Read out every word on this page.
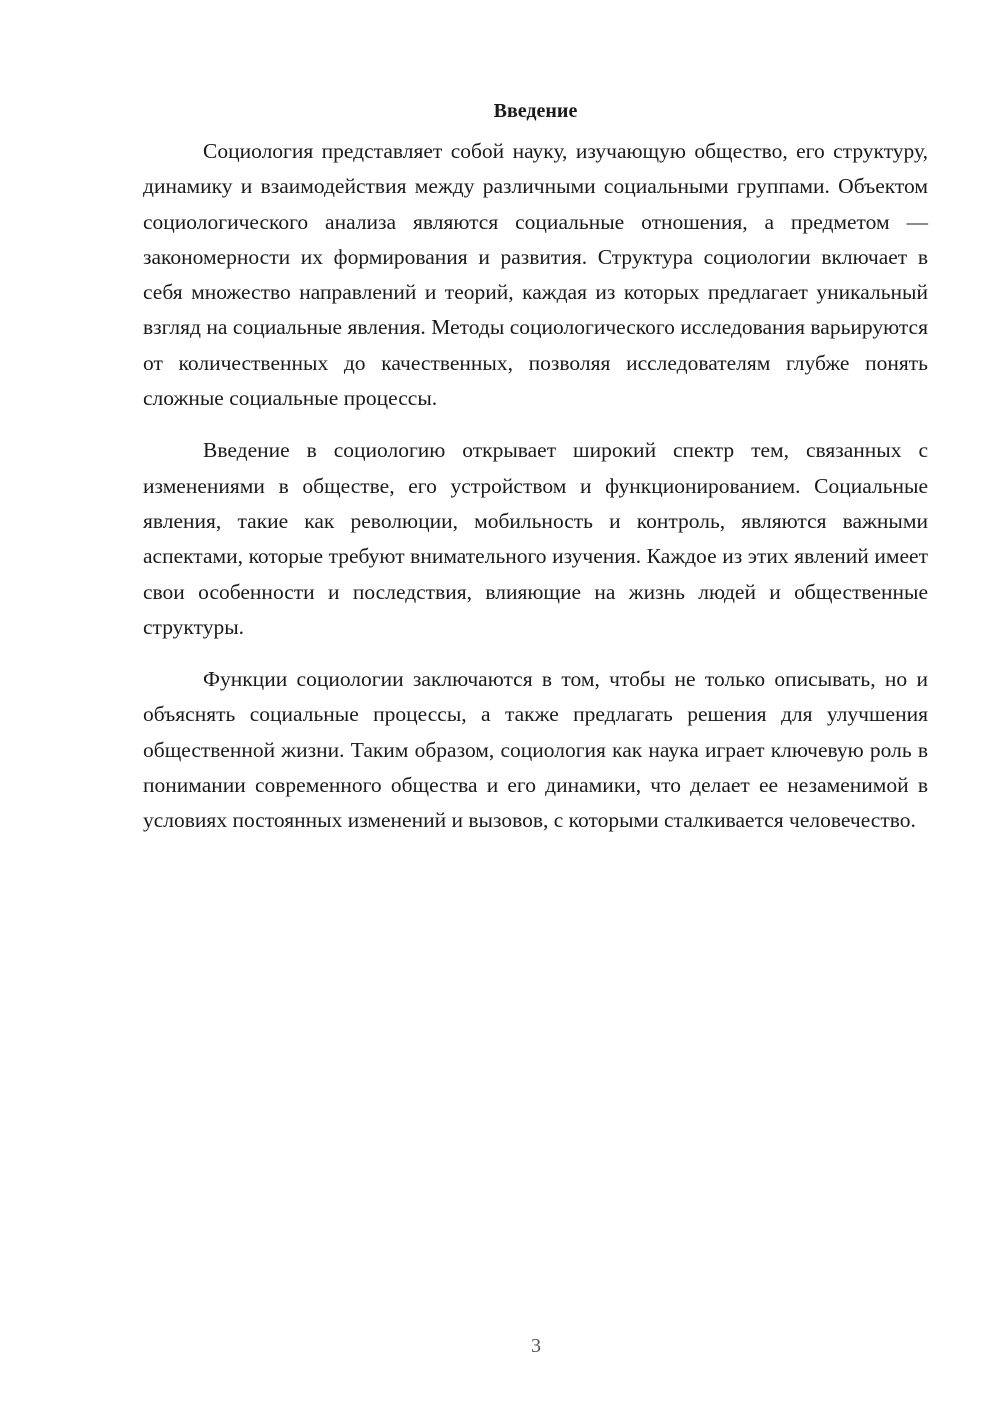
Введение

Социология представляет собой науку, изучающую общество, его структуру, динамику и взаимодействия между различными социальными группами. Объектом социологического анализа являются социальные отношения, а предметом — закономерности их формирования и развития. Структура социологии включает в себя множество направлений и теорий, каждая из которых предлагает уникальный взгляд на социальные явления. Методы социологического исследования варьируются от количественных до качественных, позволяя исследователям глубже понять сложные социальные процессы.

Введение в социологию открывает широкий спектр тем, связанных с изменениями в обществе, его устройством и функционированием. Социальные явления, такие как революции, мобильность и контроль, являются важными аспектами, которые требуют внимательного изучения. Каждое из этих явлений имеет свои особенности и последствия, влияющие на жизнь людей и общественные структуры.

Функции социологии заключаются в том, чтобы не только описывать, но и объяснять социальные процессы, а также предлагать решения для улучшения общественной жизни. Таким образом, социология как наука играет ключевую роль в понимании современного общества и его динамики, что делает ее незаменимой в условиях постоянных изменений и вызовов, с которыми сталкивается человечество.

3
